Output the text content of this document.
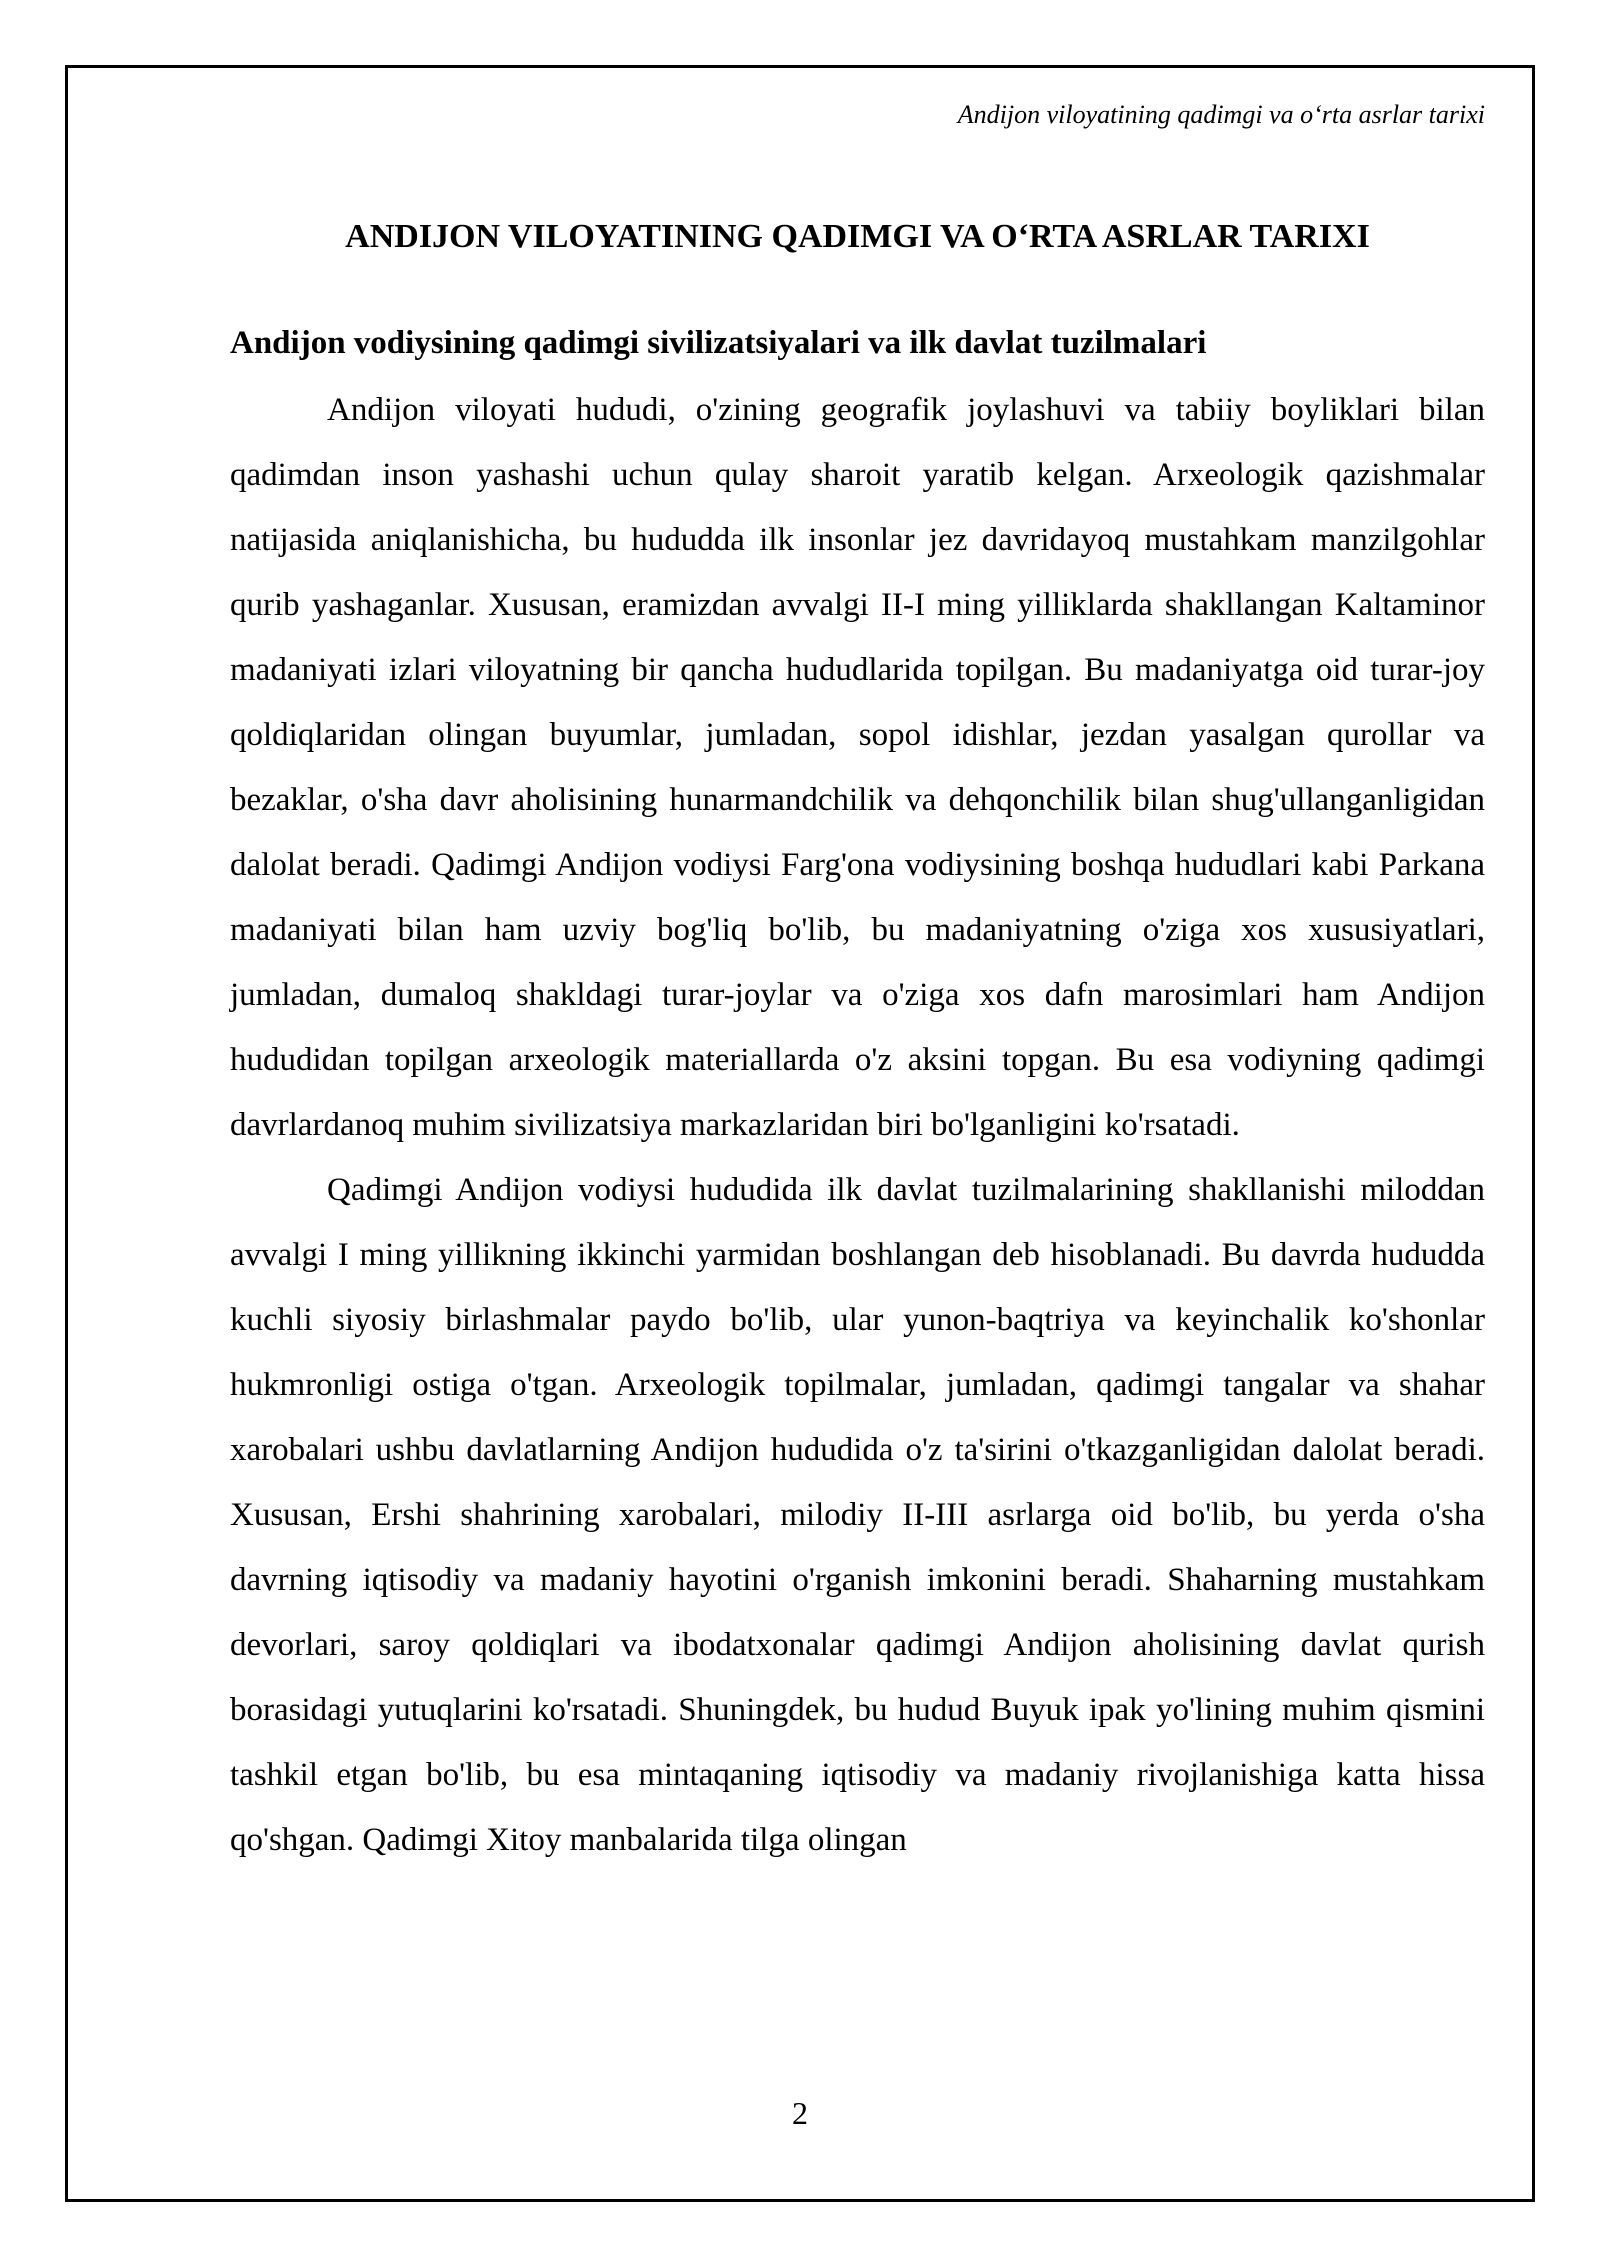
Andijon viloyatining qadimgi va o‘rta asrlar tarixi
ANDIJON VILOYATINING QADIMGI VA O‘RTA ASRLAR TARIXI
Andijon vodiysining qadimgi sivilizatsiyalari va ilk davlat tuzilmalari

Andijon viloyati hududi, o'zining geografik joylashuvi va tabiiy boyliklari bilan qadimdan inson yashashi uchun qulay sharoit yaratib kelgan. Arxeologik qazishmalar natijasida aniqlanishicha, bu hududda ilk insonlar jez davridayoq mustahkam manzilgohlar qurib yashaganlar. Xususan, eramizdan avvalgi II-I ming yilliklarda shakllangan Kaltaminor madaniyati izlari viloyatning bir qancha hududlarida topilgan. Bu madaniyatga oid turar-joy qoldiqlaridan olingan buyumlar, jumladan, sopol idishlar, jezdan yasalgan qurollar va bezaklar, o'sha davr aholisining hunarmandchilik va dehqonchilik bilan shug'ullanganligidan dalolat beradi. Qadimgi Andijon vodiysi Farg'ona vodiysining boshqa hududlari kabi Parkana madaniyati bilan ham uzviy bog'liq bo'lib, bu madaniyatning o'ziga xos xususiyatlari, jumladan, dumaloq shakldagi turar-joylar va o'ziga xos dafn marosimlari ham Andijon hududidan topilgan arxeologik materiallarda o'z aksini topgan. Bu esa vodiyning qadimgi davrlardanoq muhim sivilizatsiya markazlaridan biri bo'lganligini ko'rsatadi.

Qadimgi Andijon vodiysi hududida ilk davlat tuzilmalarining shakllanishi miloddan avvalgi I ming yillikning ikkinchi yarmidan boshlangan deb hisoblanadi. Bu davrda hududda kuchli siyosiy birlashmalar paydo bo'lib, ular yunon-baqtriya va keyinchalik ko'shonlar hukmronligi ostiga o'tgan. Arxeologik topilmalar, jumladan, qadimgi tangalar va shahar xarobalari ushbu davlatlarning Andijon hududida o'z ta'sirini o'tkazganligidan dalolat beradi. Xususan, Ershi shahrining xarobalari, milodiy II-III asrlarga oid bo'lib, bu yerda o'sha davrning iqtisodiy va madaniy hayotini o'rganish imkonini beradi. Shaharning mustahkam devorlari, saroy qoldiqlari va ibodatxonalar qadimgi Andijon aholisining davlat qurish borasidagi yutuqlarini ko'rsatadi. Shuningdek, bu hudud Buyuk ipak yo'lining muhim qismini tashkil etgan bo'lib, bu esa mintaqaning iqtisodiy va madaniy rivojlanishiga katta hissa qo'shgan. Qadimgi Xitoy manbalarida tilga olingan

2
